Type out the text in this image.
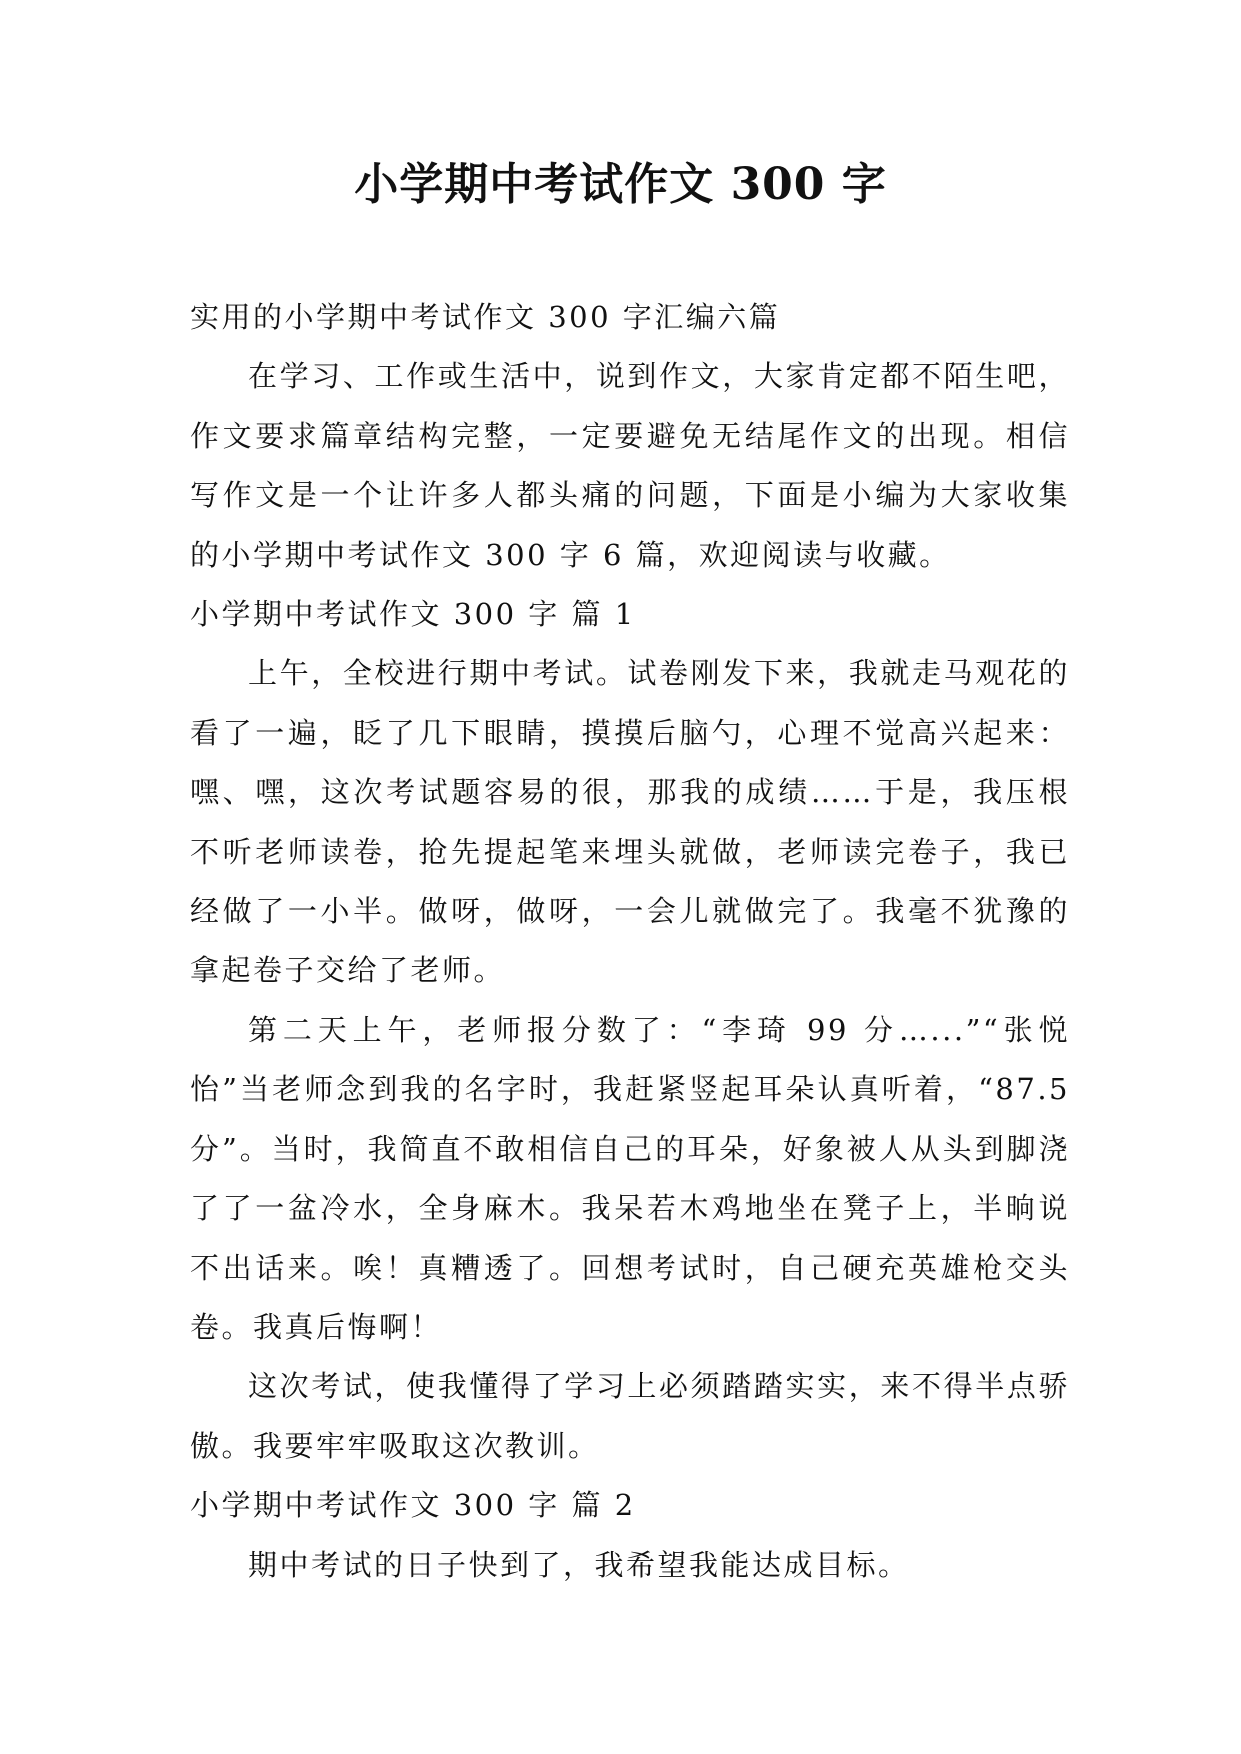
小学期中考试作文 300 字

实用的小学期中考试作文 300 字汇编六篇

在学习、工作或生活中，说到作文，大家肯定都不陌生吧，作文要求篇章结构完整，一定要避免无结尾作文的出现。相信写作文是一个让许多人都头痛的问题，下面是小编为大家收集的小学期中考试作文 300 字 6 篇，欢迎阅读与收藏。

小学期中考试作文 300 字 篇 1

上午，全校进行期中考试。试卷刚发下来，我就走马观花的看了一遍，眨了几下眼睛，摸摸后脑勺，心理不觉高兴起来：嘿、嘿，这次考试题容易的很，那我的成绩……于是，我压根不听老师读卷，抢先提起笔来埋头就做，老师读完卷子，我已经做了一小半。做呀，做呀，一会儿就做完了。我毫不犹豫的拿起卷子交给了老师。

第二天上午，老师报分数了：“李琦 99 分…...”“张悦怡”当老师念到我的名字时，我赶紧竖起耳朵认真听着，“87.5 分”。当时，我简直不敢相信自己的耳朵，好象被人从头到脚浇了了一盆冷水，全身麻木。我呆若木鸡地坐在凳子上，半晌说不出话来。唉！真糟透了。回想考试时，自己硬充英雄枪交头卷。我真后悔啊！

这次考试，使我懂得了学习上必须踏踏实实，来不得半点骄傲。我要牢牢吸取这次教训。

小学期中考试作文 300 字 篇 2

期中考试的日子快到了，我希望我能达成目标。
